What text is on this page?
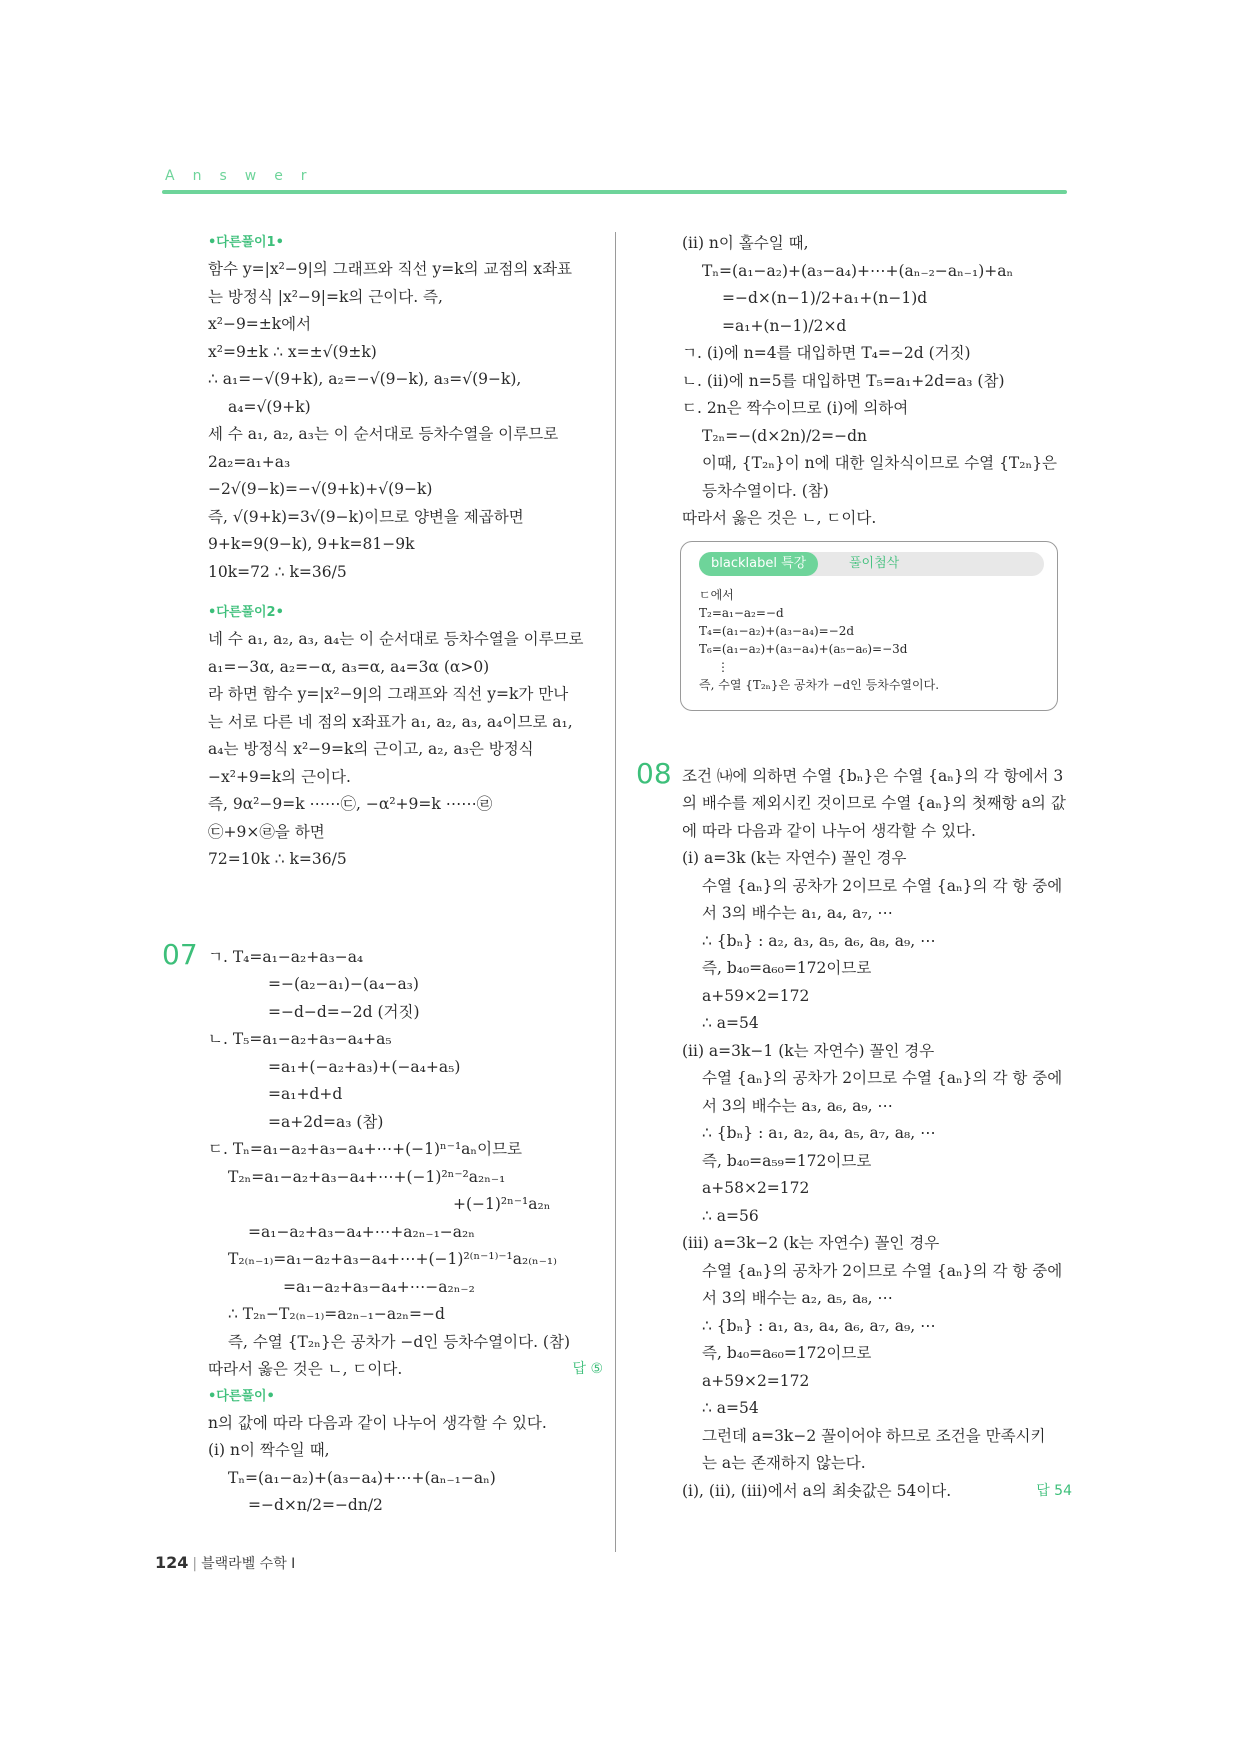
Answer
•다른풀이1•
함수 y=|x²−9|의 그래프와 직선 y=k의 교점의 x좌표
는 방정식 |x²−9|=k의 근이다. 즉,
x²−9=±k에서
x²=9±k ∴ x=±√(9±k)
∴ a₁=−√(9+k), a₂=−√(9−k), a₃=√(9−k),
a₄=√(9+k)
세 수 a₁, a₂, a₃는 이 순서대로 등차수열을 이루므로
2a₂=a₁+a₃
−2√(9−k)=−√(9+k)+√(9−k)
즉, √(9+k)=3√(9−k)이므로 양변을 제곱하면
9+k=9(9−k), 9+k=81−9k
10k=72 ∴ k=36/5
•다른풀이2•
네 수 a₁, a₂, a₃, a₄는 이 순서대로 등차수열을 이루므로
a₁=−3α, a₂=−α, a₃=α, a₄=3α (α>0)
라 하면 함수 y=|x²−9|의 그래프와 직선 y=k가 만나
는 서로 다른 네 점의 x좌표가 a₁, a₂, a₃, a₄이므로 a₁,
a₄는 방정식 x²−9=k의 근이고, a₂, a₃은 방정식
−x²+9=k의 근이다.
즉, 9α²−9=k ⋯⋯㉢, −α²+9=k ⋯⋯㉣
㉢+9×㉣을 하면
72=10k ∴ k=36/5
07 ㄱ. T₄=a₁−a₂+a₃−a₄
=−(a₂−a₁)−(a₄−a₃)
=−d−d=−2d (거짓)
ㄴ. T₅=a₁−a₂+a₃−a₄+a₅
=a₁+(−a₂+a₃)+(−a₄+a₅)
=a₁+d+d
=a+2d=a₃ (참)
ㄷ. Tₙ=a₁−a₂+a₃−a₄+⋯+(−1)ⁿ⁻¹aₙ이므로
T₂ₙ=a₁−a₂+a₃−a₄+⋯+(−1)²ⁿ⁻²a₂ₙ₋₁
+(−1)²ⁿ⁻¹a₂ₙ
=a₁−a₂+a₃−a₄+⋯+a₂ₙ₋₁−a₂ₙ
T₂₍ₙ₋₁₎=a₁−a₂+a₃−a₄+⋯+(−1)²⁽ⁿ⁻¹⁾⁻¹a₂₍ₙ₋₁₎
=a₁−a₂+a₃−a₄+⋯−a₂ₙ₋₂
∴ T₂ₙ−T₂₍ₙ₋₁₎=a₂ₙ₋₁−a₂ₙ=−d
즉, 수열 {T₂ₙ}은 공차가 −d인 등차수열이다. (참)
따라서 옳은 것은 ㄴ, ㄷ이다.	답 ⑤
•다른풀이•
n의 값에 따라 다음과 같이 나누어 생각할 수 있다.
(ⅰ) n이 짝수일 때,
Tₙ=(a₁−a₂)+(a₃−a₄)+⋯+(aₙ₋₁−aₙ)
=−d×n/2=−dn/2
(ⅱ) n이 홀수일 때,
Tₙ=(a₁−a₂)+(a₃−a₄)+⋯+(aₙ₋₂−aₙ₋₁)+aₙ
=−d×(n−1)/2+a₁+(n−1)d
=a₁+(n−1)/2×d
ㄱ. (ⅰ)에 n=4를 대입하면 T₄=−2d (거짓)
ㄴ. (ⅱ)에 n=5를 대입하면 T₅=a₁+2d=a₃ (참)
ㄷ. 2n은 짝수이므로 (ⅰ)에 의하여
T₂ₙ=−(d×2n)/2=−dn
이때, {T₂ₙ}이 n에 대한 일차식이므로 수열 {T₂ₙ}은
등차수열이다. (참)
따라서 옳은 것은 ㄴ, ㄷ이다.
blacklabel 특강	풀이첨삭
ㄷ에서
T₂=a₁−a₂=−d
T₄=(a₁−a₂)+(a₃−a₄)=−2d
T₆=(a₁−a₂)+(a₃−a₄)+(a₅−a₆)=−3d
⋮
즉, 수열 {T₂ₙ}은 공차가 −d인 등차수열이다.
08 조건 ㈏에 의하면 수열 {bₙ}은 수열 {aₙ}의 각 항에서 3
의 배수를 제외시킨 것이므로 수열 {aₙ}의 첫째항 a의 값
에 따라 다음과 같이 나누어 생각할 수 있다.
(ⅰ) a=3k (k는 자연수) 꼴인 경우
수열 {aₙ}의 공차가 2이므로 수열 {aₙ}의 각 항 중에
서 3의 배수는 a₁, a₄, a₇, ⋯
∴ {bₙ} : a₂, a₃, a₅, a₆, a₈, a₉, ⋯
즉, b₄₀=a₆₀=172이므로
a+59×2=172
∴ a=54
(ⅱ) a=3k−1 (k는 자연수) 꼴인 경우
수열 {aₙ}의 공차가 2이므로 수열 {aₙ}의 각 항 중에
서 3의 배수는 a₃, a₆, a₉, ⋯
∴ {bₙ} : a₁, a₂, a₄, a₅, a₇, a₈, ⋯
즉, b₄₀=a₅₉=172이므로
a+58×2=172
∴ a=56
(ⅲ) a=3k−2 (k는 자연수) 꼴인 경우
수열 {aₙ}의 공차가 2이므로 수열 {aₙ}의 각 항 중에
서 3의 배수는 a₂, a₅, a₈, ⋯
∴ {bₙ} : a₁, a₃, a₄, a₆, a₇, a₉, ⋯
즉, b₄₀=a₆₀=172이므로
a+59×2=172
∴ a=54
그런데 a=3k−2 꼴이어야 하므로 조건을 만족시키
는 a는 존재하지 않는다.
(ⅰ), (ⅱ), (ⅲ)에서 a의 최솟값은 54이다.	답 54
124 | 블랙라벨 수학 Ⅰ
